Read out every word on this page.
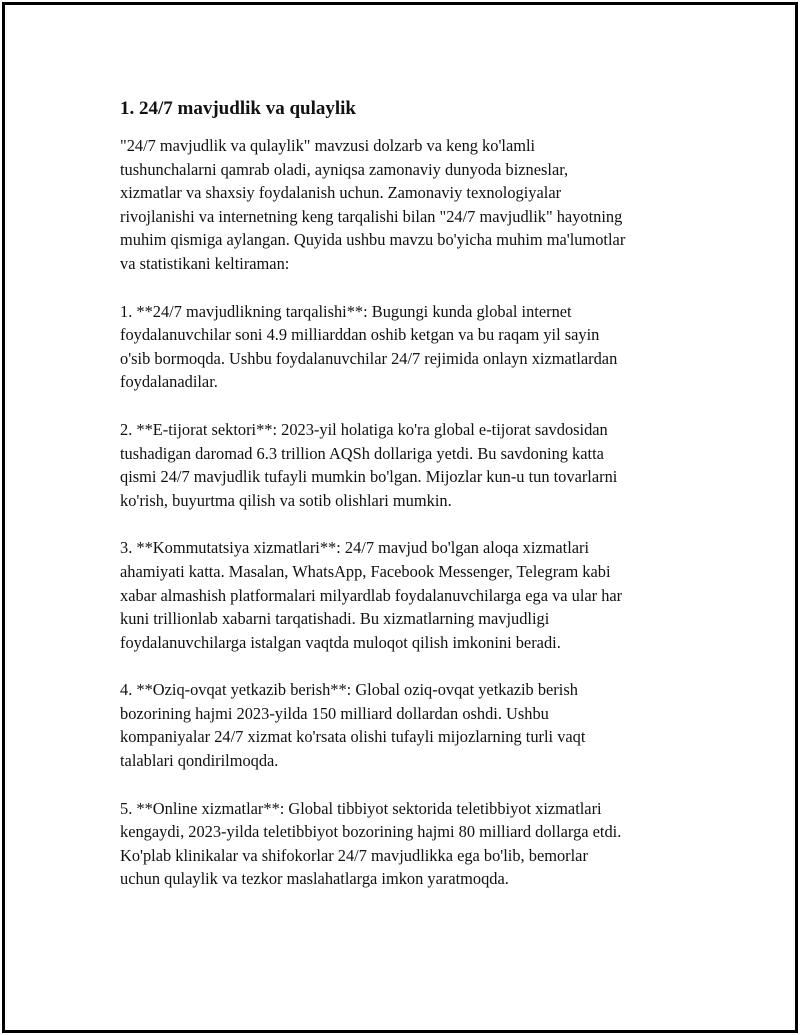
1. 24/7 mavjudlik va qulaylik

"24/7 mavjudlik va qulaylik" mavzusi dolzarb va keng ko'lamli
tushunchalarni qamrab oladi, ayniqsa zamonaviy dunyoda bizneslar,
xizmatlar va shaxsiy foydalanish uchun. Zamonaviy texnologiyalar
rivojlanishi va internetning keng tarqalishi bilan "24/7 mavjudlik" hayotning
muhim qismiga aylangan. Quyida ushbu mavzu bo'yicha muhim ma'lumotlar
va statistikani keltiraman:

1. **24/7 mavjudlikning tarqalishi**: Bugungi kunda global internet
foydalanuvchilar soni 4.9 milliarddan oshib ketgan va bu raqam yil sayin
o'sib bormoqda. Ushbu foydalanuvchilar 24/7 rejimida onlayn xizmatlardan
foydalanadilar.

2. **E-tijorat sektori**: 2023-yil holatiga ko'ra global e-tijorat savdosidan
tushadigan daromad 6.3 trillion AQSh dollariga yetdi. Bu savdoning katta
qismi 24/7 mavjudlik tufayli mumkin bo'lgan. Mijozlar kun-u tun tovarlarni
ko'rish, buyurtma qilish va sotib olishlari mumkin.

3. **Kommutatsiya xizmatlari**: 24/7 mavjud bo'lgan aloqa xizmatlari
ahamiyati katta. Masalan, WhatsApp, Facebook Messenger, Telegram kabi
xabar almashish platformalari milyardlab foydalanuvchilarga ega va ular har
kuni trillionlab xabarni tarqatishadi. Bu xizmatlarning mavjudligi
foydalanuvchilarga istalgan vaqtda muloqot qilish imkonini beradi.

4. **Oziq-ovqat yetkazib berish**: Global oziq-ovqat yetkazib berish
bozorining hajmi 2023-yilda 150 milliard dollardan oshdi. Ushbu
kompaniyalar 24/7 xizmat ko'rsata olishi tufayli mijozlarning turli vaqt
talablari qondirilmoqda.

5. **Online xizmatlar**: Global tibbiyot sektorida teletibbiyot xizmatlari
kengaydi, 2023-yilda teletibbiyot bozorining hajmi 80 milliard dollarga etdi.
Ko'plab klinikalar va shifokorlar 24/7 mavjudlikka ega bo'lib, bemorlar
uchun qulaylik va tezkor maslahatlarga imkon yaratmoqda.
